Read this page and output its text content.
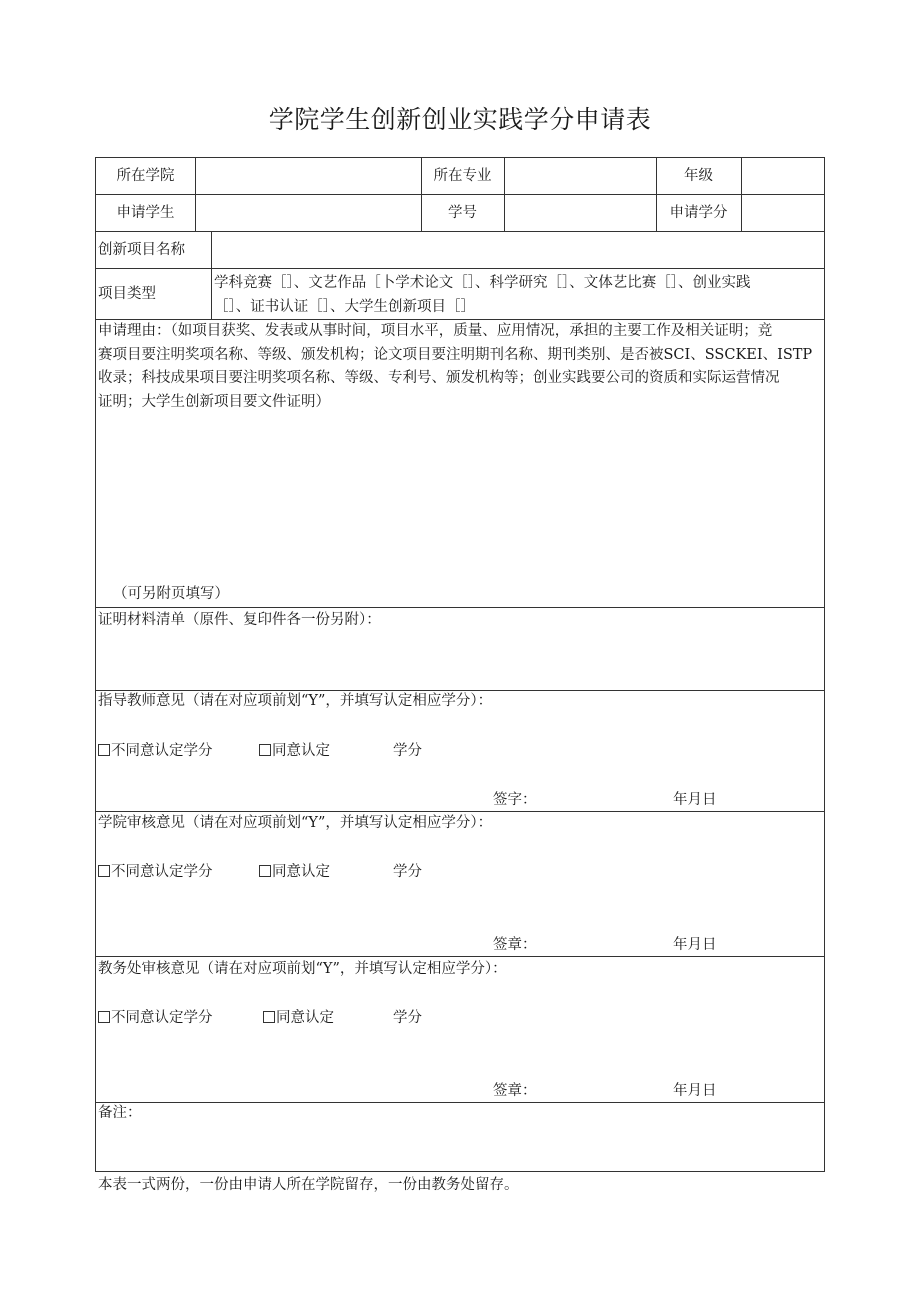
学院学生创新创业实践学分申请表
所在学院	所在专业	年级
申请学生	学号	申请学分
创新项目名称
项目类型
学科竞赛［］、文艺作品［卜学术论文［］、科学研究［］、文体艺比赛［］、创业实践
［］、证书认证［］、大学生创新项目［］
申请理由：（如项目获奖、发表或从事时间，项目水平，质量、应用情况，承担的主要工作及相关证明；竞
赛项目要注明奖项名称、等级、颁发机构；论文项目要注明期刊名称、期刊类别、是否被SCI、SSCKEI、ISTP
收录；科技成果项目要注明奖项名称、等级、专利号、颁发机构等；创业实践要公司的资质和实际运营情况
证明；大学生创新项目要文件证明）
（可另附页填写）
证明材料清单（原件、复印件各一份另附）：
指导教师意见（请在对应项前划“Y”，并填写认定相应学分）：
不同意认定学分	同意认定	学分
签字：	年月日
学院审核意见（请在对应项前划“Y”，并填写认定相应学分）：
不同意认定学分	同意认定	学分
签章：	年月日
教务处审核意见（请在对应项前划“Y”，并填写认定相应学分）：
不同意认定学分	同意认定	学分
签章：	年月日
备注：
本表一式两份，一份由申请人所在学院留存，一份由教务处留存。
